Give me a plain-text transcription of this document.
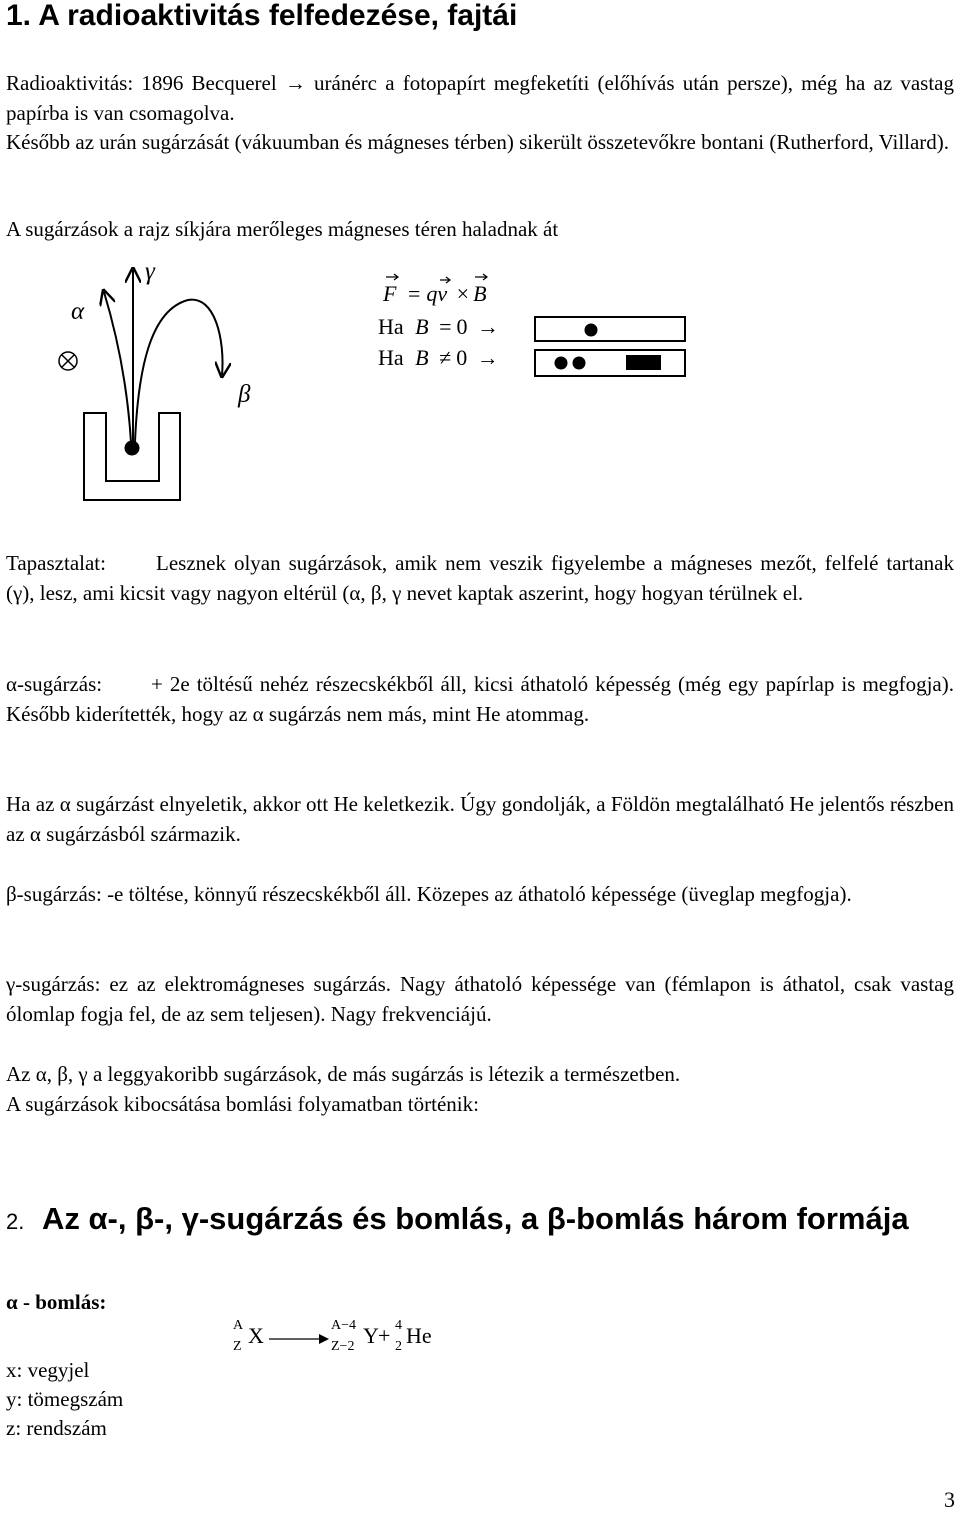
1. A radioaktivitás felfedezése, fajtái

Radioaktivitás: 1896 Becquerel → uránérc a fotopapírt megfeketíti (előhívás után persze), még ha az vastag papírba is van csomagolva.

Később az urán sugárzását (vákuumban és mágneses térben) sikerült összetevőkre bontani (Rutherford, Villard).

A sugárzások a rajz síkjára merőleges mágneses téren haladnak át

α
γ
β
F = qv × B
Ha B = 0 →
Ha B ≠ 0 →

Tapasztalat: Lesznek olyan sugárzások, amik nem veszik figyelembe a mágneses mezőt, felfelé tartanak (γ), lesz, ami kicsit vagy nagyon eltérül (α, β, γ nevet kaptak aszerint, hogy hogyan térülnek el.

α-sugárzás: + 2e töltésű nehéz részecskékből áll, kicsi áthatoló képesség (még egy papírlap is megfogja). Később kiderítették, hogy az α sugárzás nem más, mint He atommag.

Ha az α sugárzást elnyeletik, akkor ott He keletkezik. Úgy gondolják, a Földön megtalálható He jelentős részben az α sugárzásból származik.

β-sugárzás: -e töltése, könnyű részecskékből áll. Közepes az áthatoló képessége (üveglap megfogja).

γ-sugárzás: ez az elektromágneses sugárzás. Nagy áthatoló képessége van (fémlapon is áthatol, csak vastag ólomlap fogja fel, de az sem teljesen). Nagy frekvenciájú.

Az α, β, γ a leggyakoribb sugárzások, de más sugárzás is létezik a természetben.

A sugárzások kibocsátása bomlási folyamatban történik:

2. Az α-, β-, γ-sugárzás és bomlás, a β-bomlás három formája

α - bomlás:
A
Z X →
A−4
Z−2 Y + 4
2 He

x: vegyjel

y: tömegszám

z: rendszám

3
